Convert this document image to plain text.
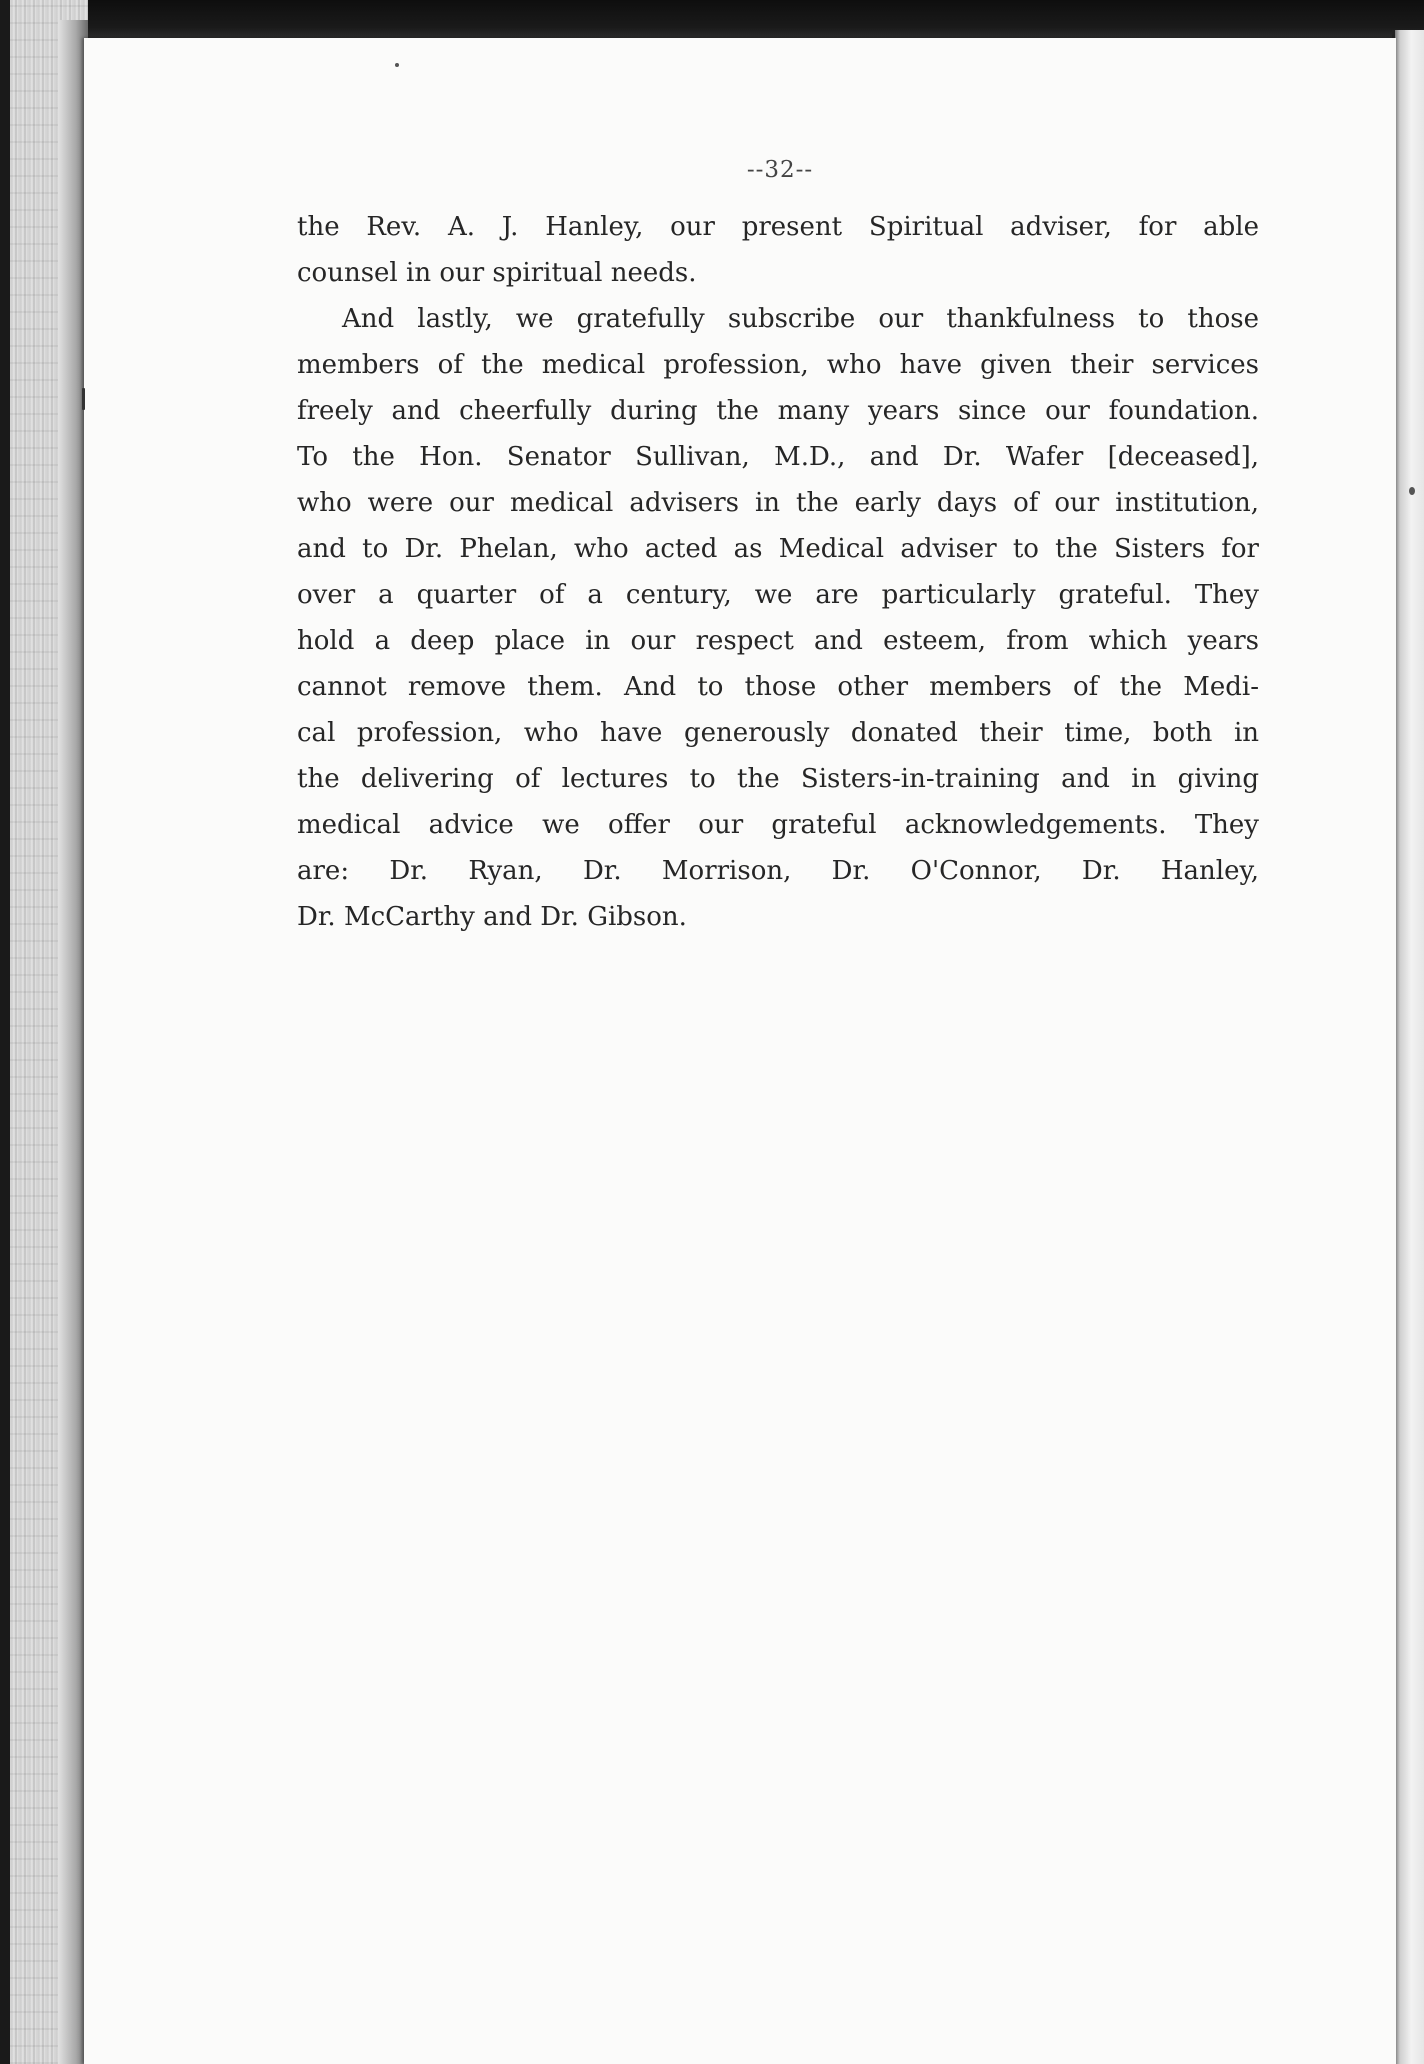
--32--
the Rev. A. J. Hanley, our present Spiritual adviser, for able
counsel in our spiritual needs.
And lastly, we gratefully subscribe our thankfulness to those
members of the medical profession, who have given their services
freely and cheerfully during the many years since our foundation.
To the Hon. Senator Sullivan, M.D., and Dr. Wafer [deceased],
who were our medical advisers in the early days of our institution,
and to Dr. Phelan, who acted as Medical adviser to the Sisters for
over a quarter of a century, we are particularly grateful. They
hold a deep place in our respect and esteem, from which years
cannot remove them. And to those other members of the Medi-
cal profession, who have generously donated their time, both in
the delivering of lectures to the Sisters-in-training and in giving
medical advice we offer our grateful acknowledgements. They
are: Dr. Ryan, Dr. Morrison, Dr. O'Connor, Dr. Hanley,
Dr. McCarthy and Dr. Gibson.
